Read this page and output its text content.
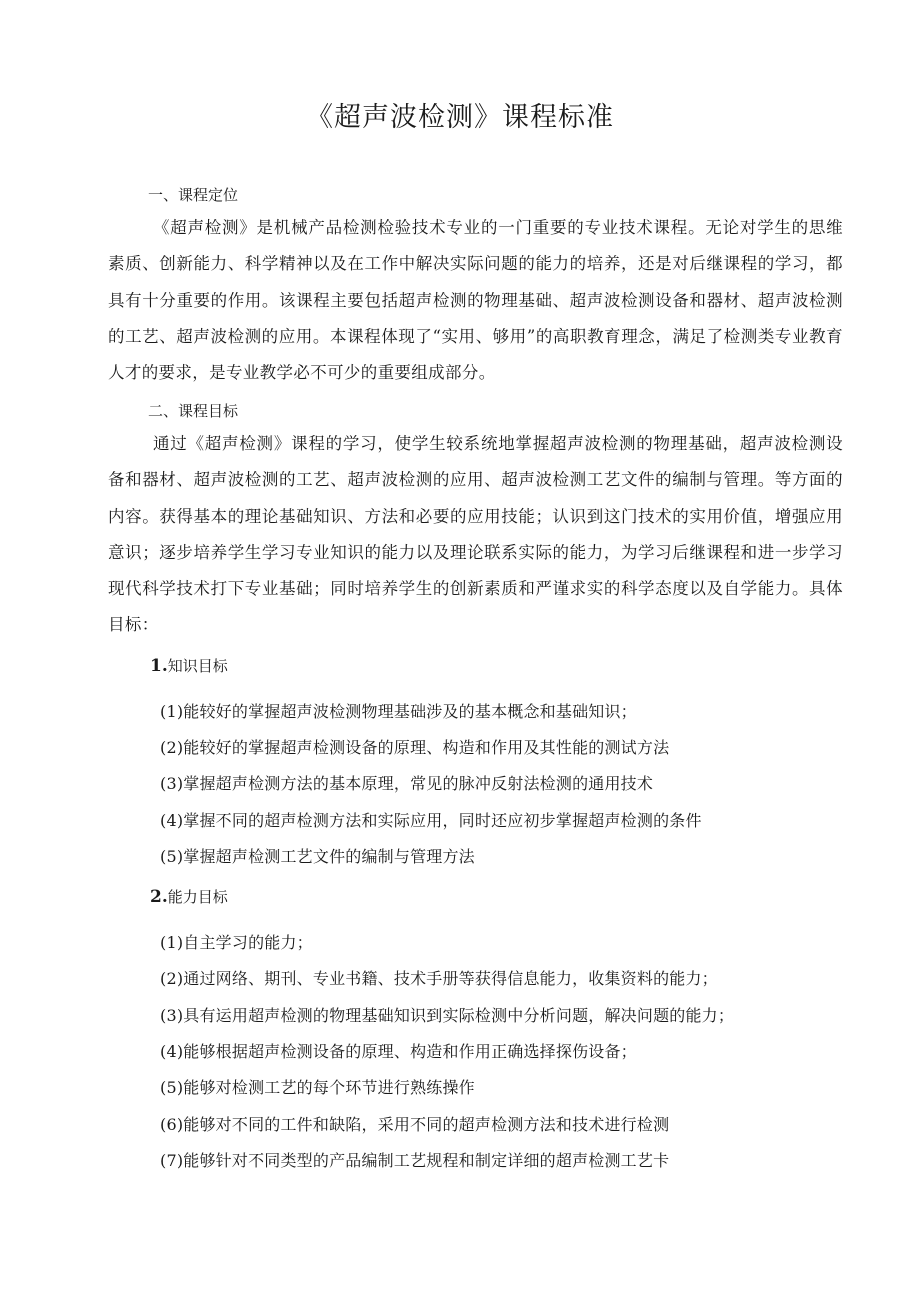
《超声波检测》课程标准
一、课程定位

《超声检测》是机械产品检测检验技术专业的一门重要的专业技术课程。无论对学生的思维素质、创新能力、科学精神以及在工作中解决实际问题的能力的培养，还是对后继课程的学习，都具有十分重要的作用。该课程主要包括超声检测的物理基础、超声波检测设备和器材、超声波检测的工艺、超声波检测的应用。本课程体现了“实用、够用”的高职教育理念，满足了检测类专业教育人才的要求，是专业教学必不可少的重要组成部分。

二、课程目标

通过《超声检测》课程的学习，使学生较系统地掌握超声波检测的物理基础，超声波检测设备和器材、超声波检测的工艺、超声波检测的应用、超声波检测工艺文件的编制与管理。等方面的内容。获得基本的理论基础知识、方法和必要的应用技能；认识到这门技术的实用价值，增强应用意识；逐步培养学生学习专业知识的能力以及理论联系实际的能力，为学习后继课程和进一步学习现代科学技术打下专业基础；同时培养学生的创新素质和严谨求实的科学态度以及自学能力。具体目标：

1.知识目标
(1)能较好的掌握超声波检测物理基础涉及的基本概念和基础知识；
(2)能较好的掌握超声检测设备的原理、构造和作用及其性能的测试方法
(3)掌握超声检测方法的基本原理，常见的脉冲反射法检测的通用技术
(4)掌握不同的超声检测方法和实际应用，同时还应初步掌握超声检测的条件
(5)掌握超声检测工艺文件的编制与管理方法
2.能力目标
(1)自主学习的能力；
(2)通过网络、期刊、专业书籍、技术手册等获得信息能力，收集资料的能力；
(3)具有运用超声检测的物理基础知识到实际检测中分析问题，解决问题的能力；
(4)能够根据超声检测设备的原理、构造和作用正确选择探伤设备；
(5)能够对检测工艺的每个环节进行熟练操作
(6)能够对不同的工件和缺陷，采用不同的超声检测方法和技术进行检测
(7)能够针对不同类型的产品编制工艺规程和制定详细的超声检测工艺卡
